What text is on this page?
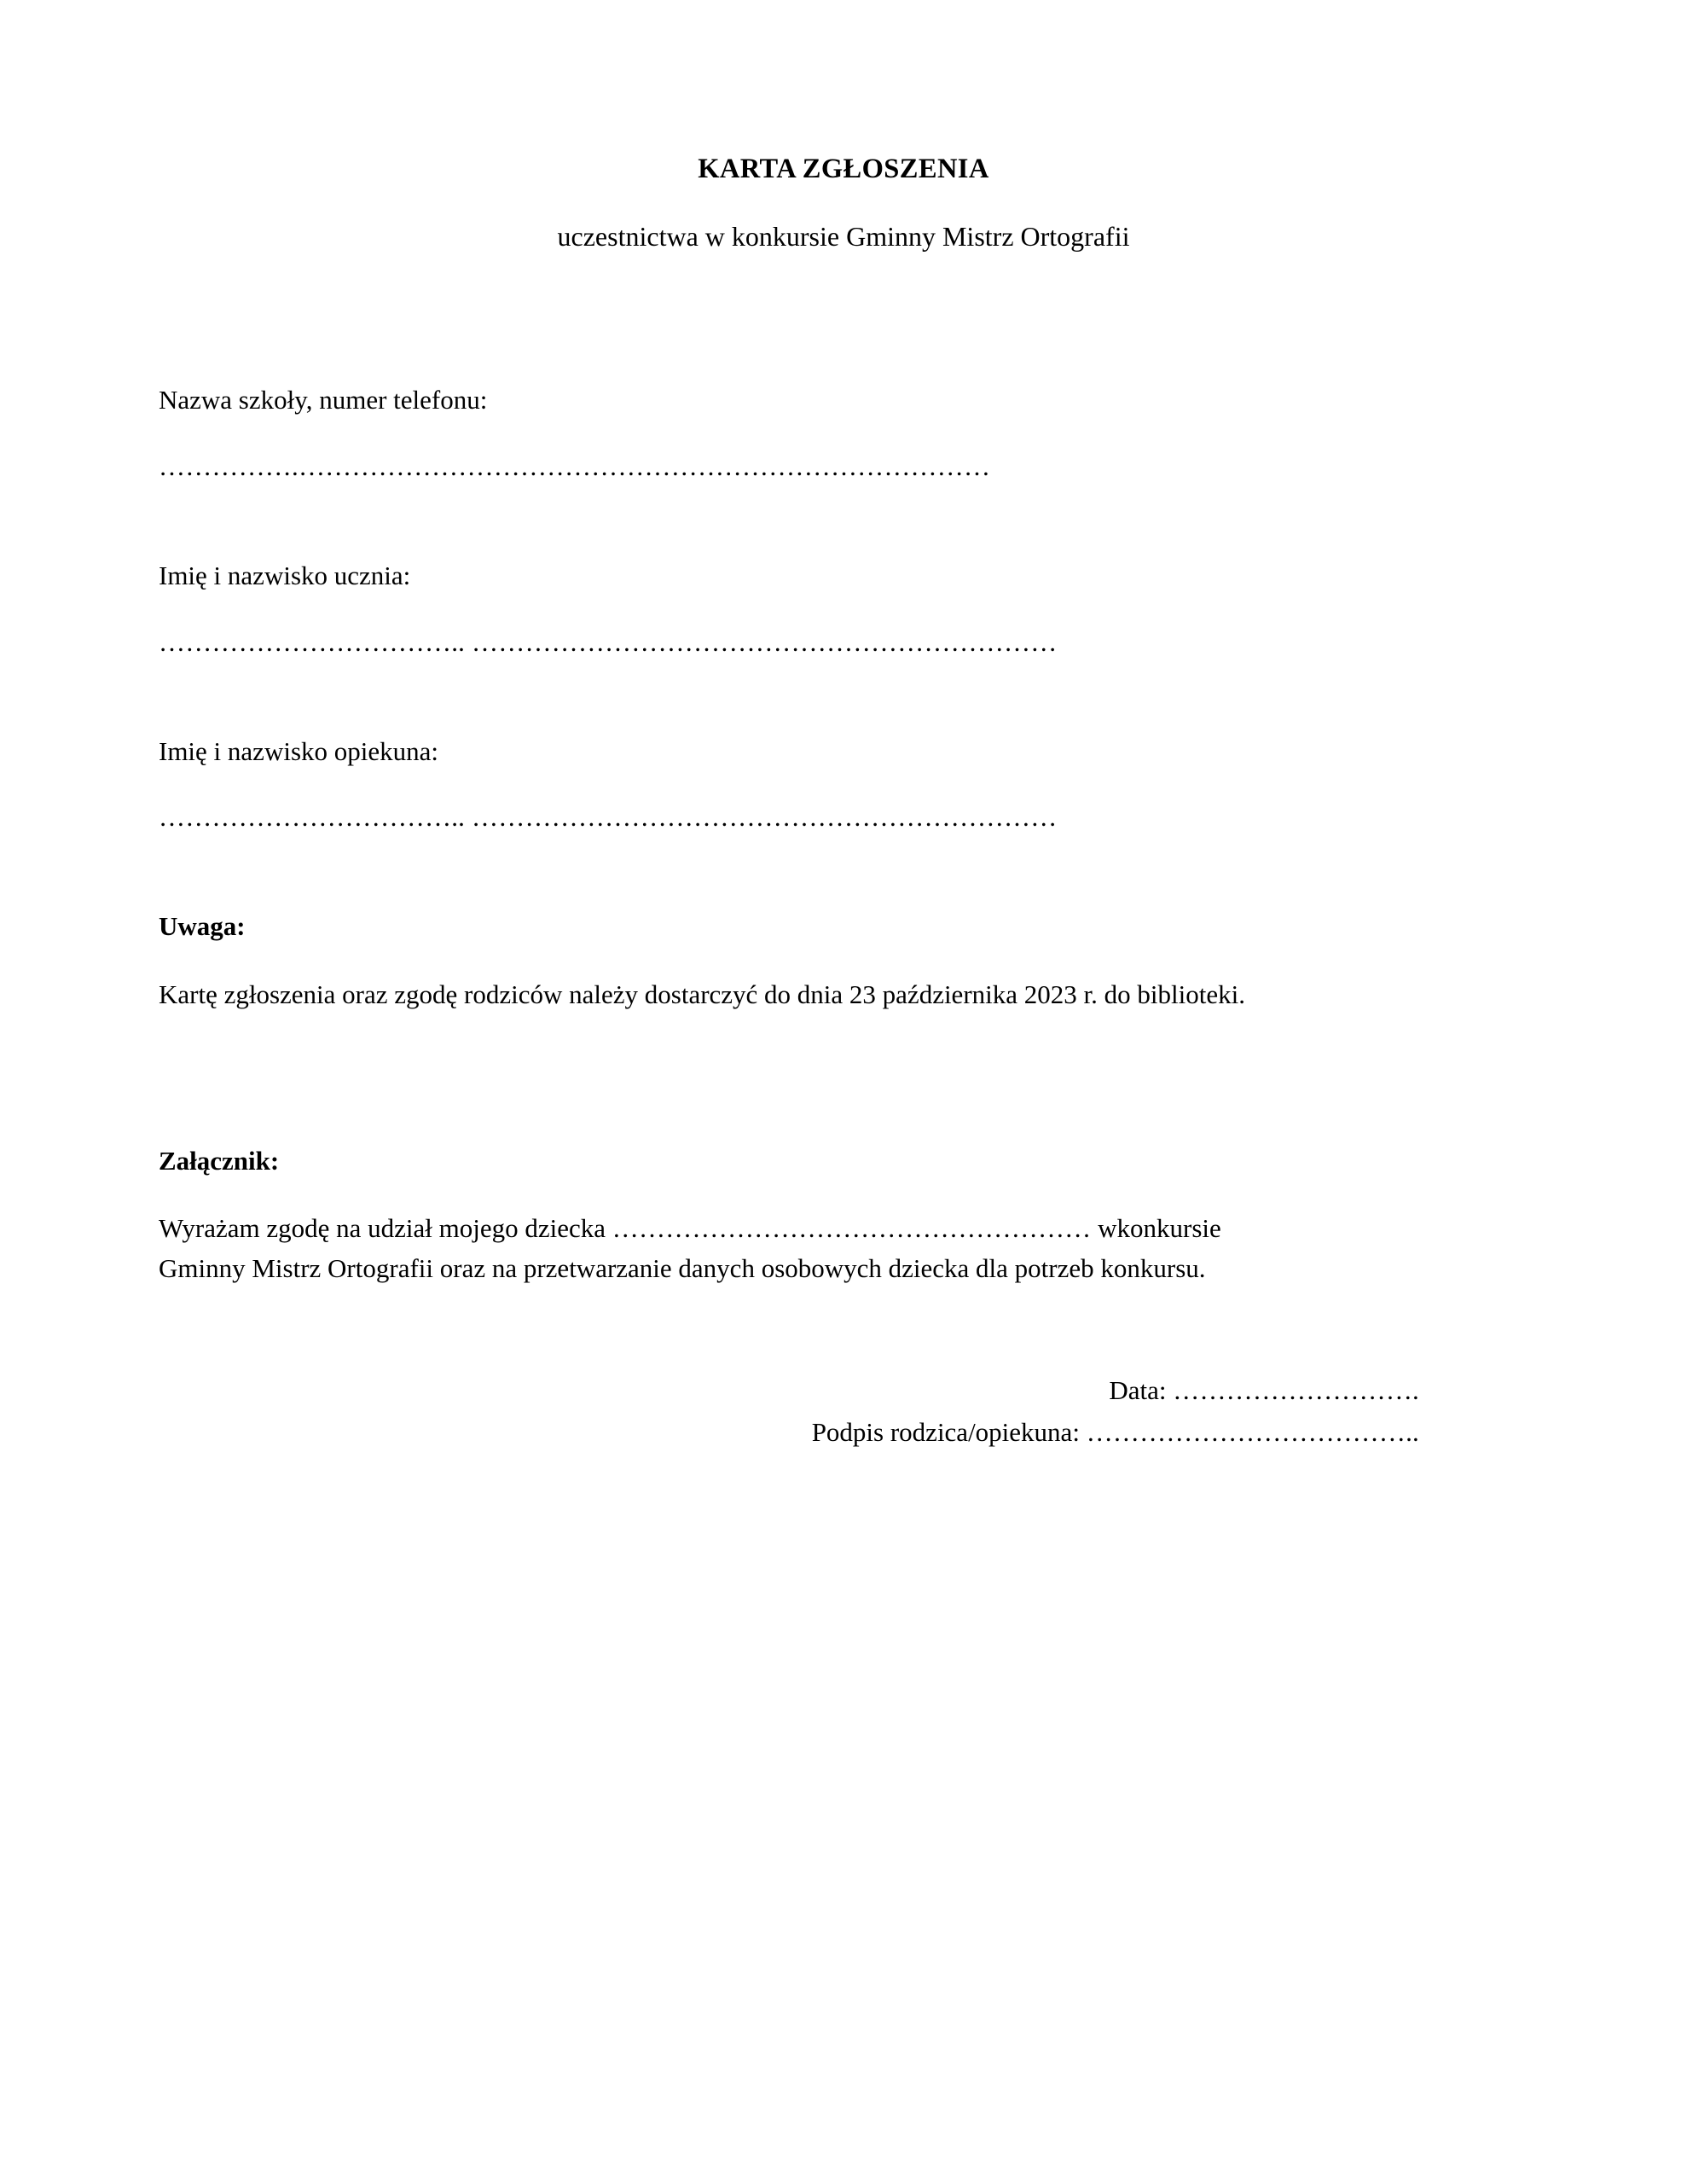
KARTA ZGŁOSZENIA

uczestnictwa w konkursie Gminny Mistrz Ortografii

Nazwa szkoły, numer telefonu:

…………….……………………………………………………………………

Imię i nazwisko ucznia:

…………………………….. …………………………………………………………

Imię i nazwisko opiekuna:

…………………………….. …………………………………………………………

Uwaga:

Kartę zgłoszenia oraz zgodę rodziców należy dostarczyć do dnia 23 października 2023 r. do biblioteki.

Załącznik:

Wyrażam zgodę na udział mojego dziecka ……………………………………………… wkonkursie

Gminny Mistrz Ortografii oraz na przetwarzanie danych osobowych dziecka dla potrzeb konkursu.

Data: ……………………….

Podpis rodzica/opiekuna: ………………………………..
